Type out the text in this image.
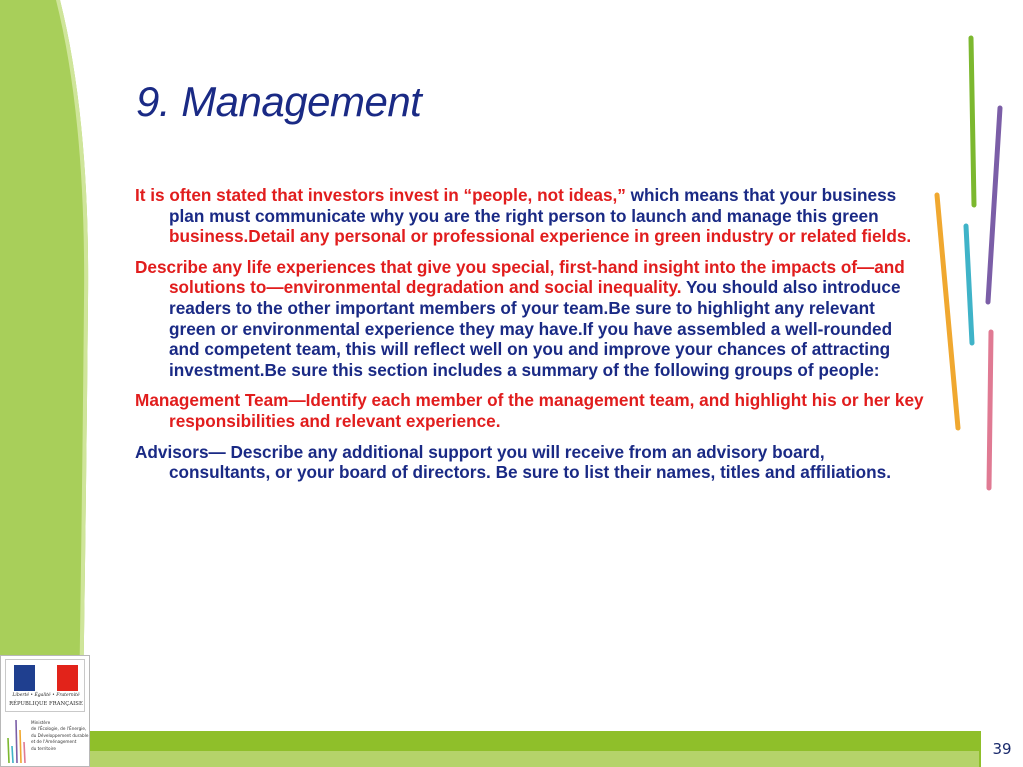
9. Management

It is often stated that investors invest in “people, not ideas,” which means that your business plan must communicate why you are the right person to launch and manage this green business.Detail any personal or professional experience in green industry or related fields.

Describe any life experiences that give you special, first-hand insight into the impacts of—and solutions to—environmental degradation and social inequality. You should also introduce readers to the other important members of your team.Be sure to highlight any relevant green or environmental experience they may have.If you have assembled a well-rounded and competent team, this will reflect well on you and improve your chances of attracting investment.Be sure this section includes a summary of the following groups of people:

Management Team—Identify each member of the management team, and highlight his or her key responsibilities and relevant experience.

Advisors— Describe any additional support you will receive from an advisory board, consultants, or your board of directors. Be sure to list their names, titles and affiliations.

39
Liberté • Égalité • Fraternité
RÉPUBLIQUE FRANÇAISE
Ministère
de l'Écologie, de l'Énergie,
du Développement durable
et de l'Aménagement
du territoire
